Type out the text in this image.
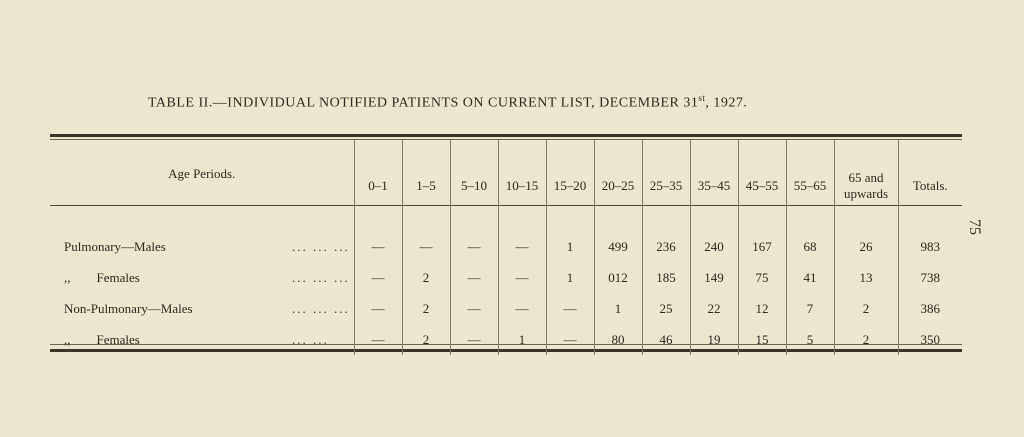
TABLE II.—INDIVIDUAL NOTIFIED PATIENTS ON CURRENT LIST, DECEMBER 31st, 1927.
Age Periods.	0–1	1–5	5–10	10–15	15–20	20–25	25–35	35–45	45–55	55–65	65 and upwards	Totals.
Pulmonary—Males ... ... ...	—	—	—	—	1	499	236	240	167	68	26	983
,,        Females ... ... ...	—	2	—	—	1	012	185	149	75	41	13	738
Non-Pulmonary—Males ... ... ...	—	2	—	—	—	1	25	22	12	7	2	386
,,        Females ... ...	—	2	—	1	—	80	46	19	15	5	2	350
75
